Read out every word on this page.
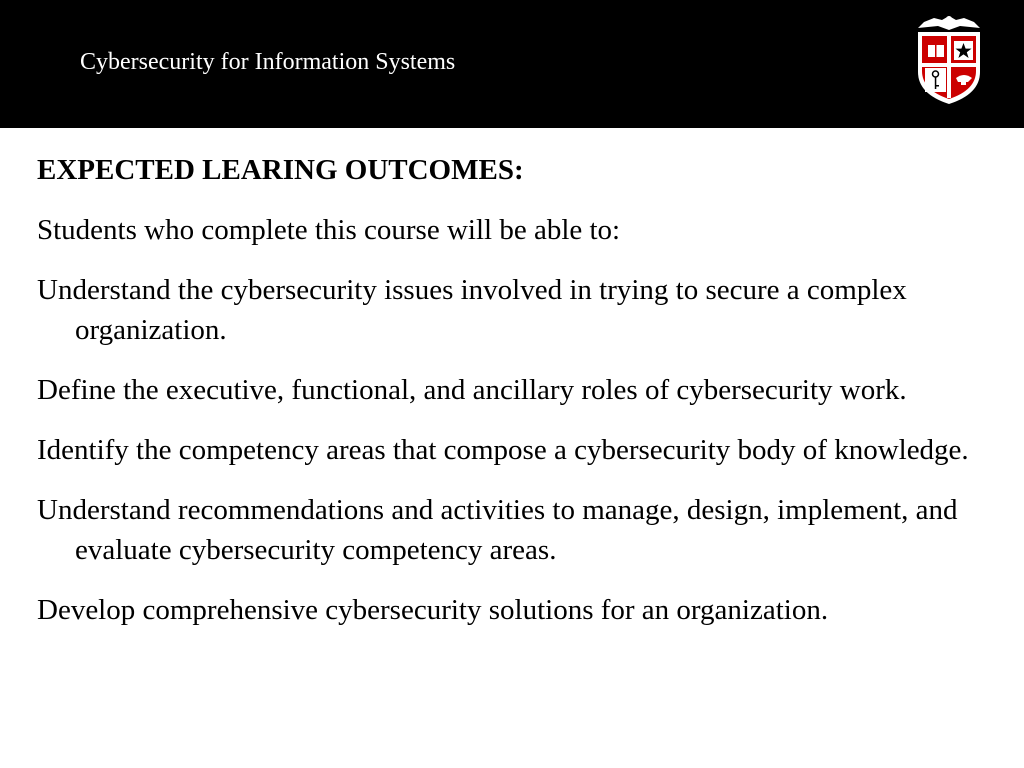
Cybersecurity for Information Systems
EXPECTED LEARING OUTCOMES:
Students who complete this course will be able to:
Understand the cybersecurity issues involved in trying to secure a complex organization.
Define the executive, functional, and ancillary roles of cybersecurity work.
Identify the competency areas that compose a cybersecurity body of knowledge.
Understand recommendations and activities to manage, design, implement, and evaluate cybersecurity competency areas.
Develop comprehensive cybersecurity solutions for an organization.
